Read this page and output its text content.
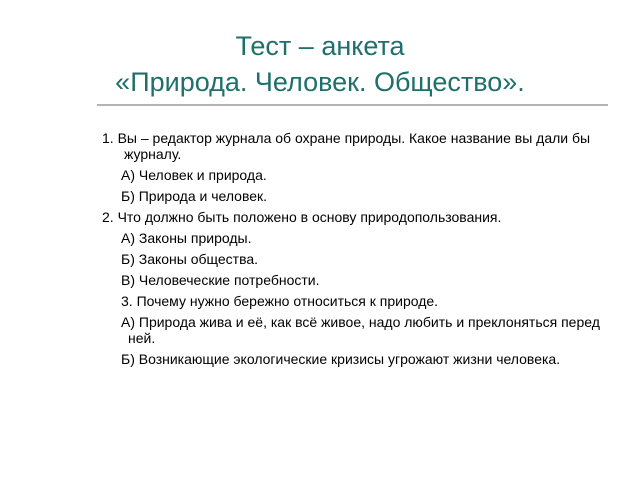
Тест – анкета
«Природа. Человек. Общество».

1. Вы – редактор журнала об охране природы. Какое название вы дали бы журналу.

А) Человек и природа.

Б) Природа и человек.

2. Что должно быть положено в основу природопользования.

А) Законы природы.

Б) Законы общества.

В) Человеческие потребности.

3. Почему нужно бережно относиться к природе.

А) Природа жива и её, как всё живое, надо любить и преклоняться перед ней.

Б) Возникающие экологические кризисы угрожают жизни человека.
